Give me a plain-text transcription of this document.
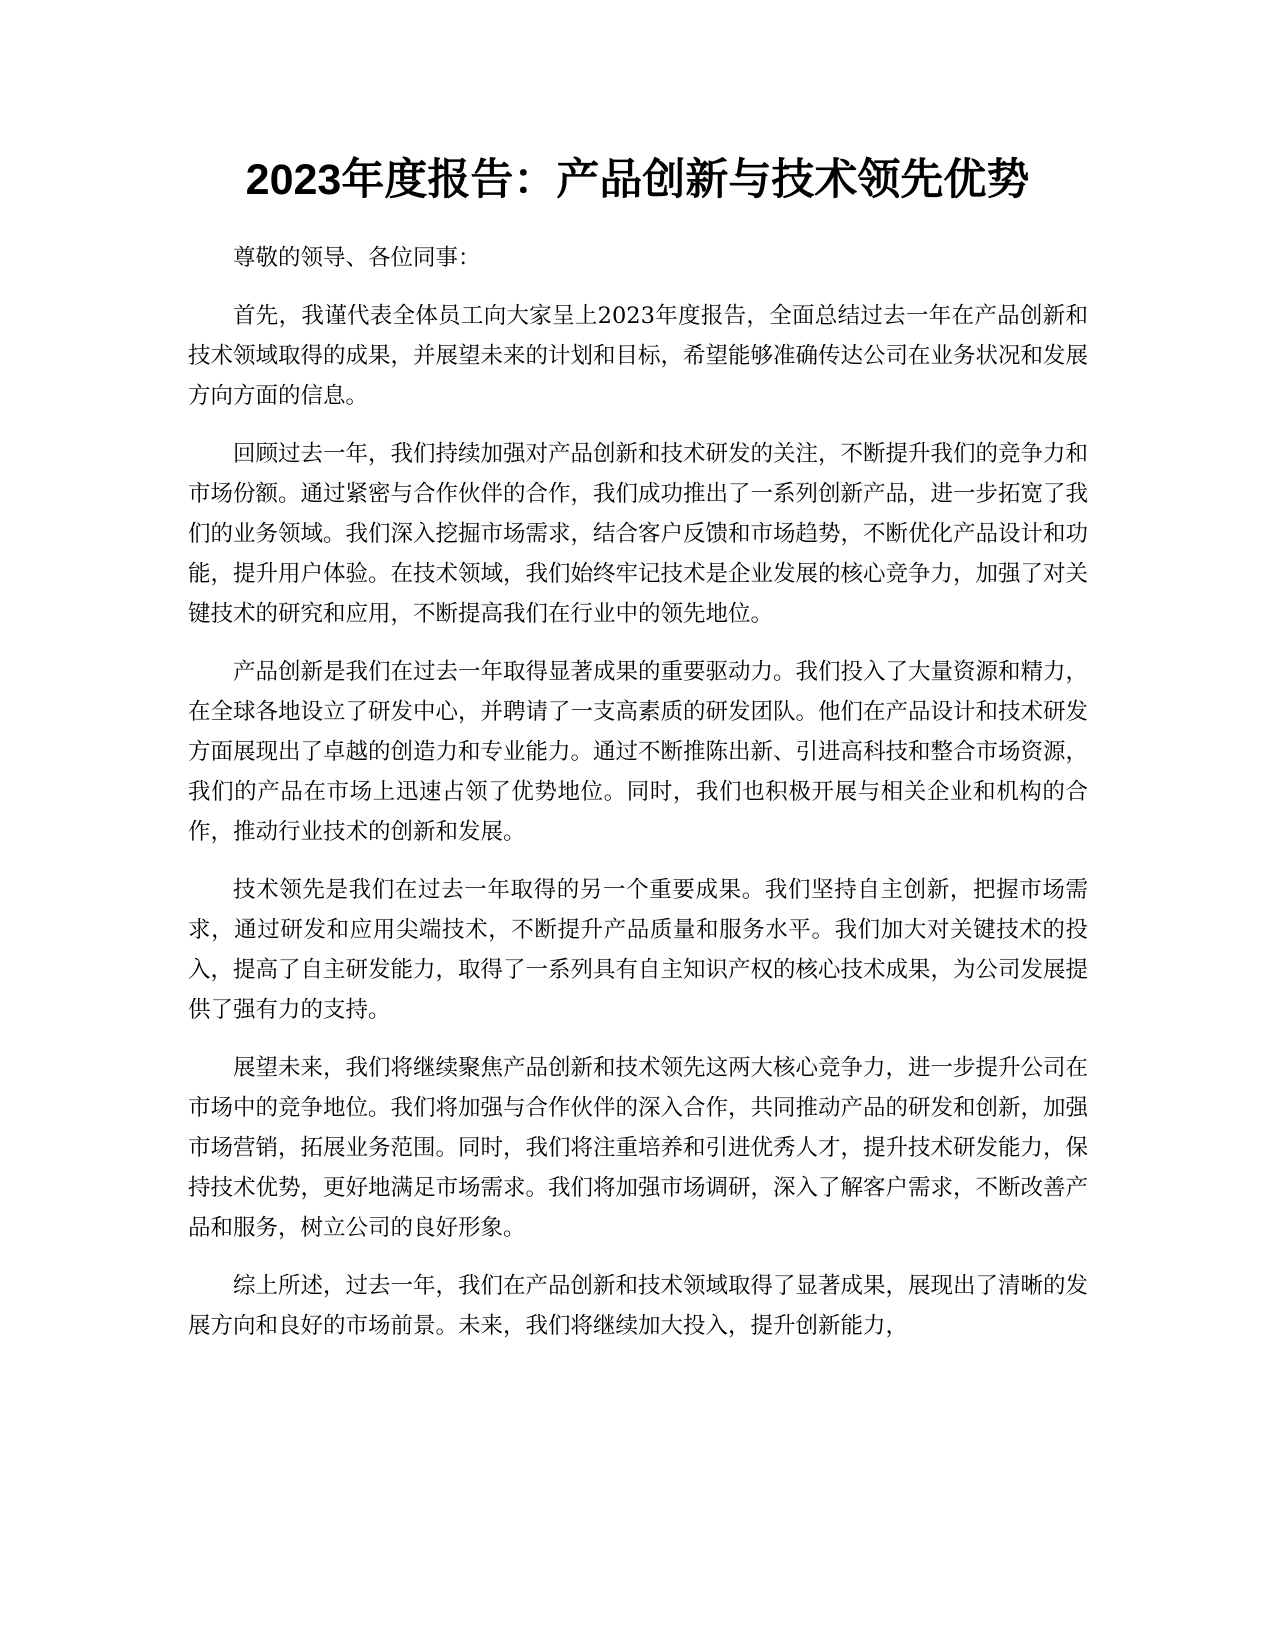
2023年度报告：产品创新与技术领先优势

尊敬的领导、各位同事：

首先，我谨代表全体员工向大家呈上2023年度报告，全面总结过去一年在产品创新和技术领域取得的成果，并展望未来的计划和目标，希望能够准确传达公司在业务状况和发展方向方面的信息。

回顾过去一年，我们持续加强对产品创新和技术研发的关注，不断提升我们的竞争力和市场份额。通过紧密与合作伙伴的合作，我们成功推出了一系列创新产品，进一步拓宽了我们的业务领域。我们深入挖掘市场需求，结合客户反馈和市场趋势，不断优化产品设计和功能，提升用户体验。在技术领域，我们始终牢记技术是企业发展的核心竞争力，加强了对关键技术的研究和应用，不断提高我们在行业中的领先地位。

产品创新是我们在过去一年取得显著成果的重要驱动力。我们投入了大量资源和精力，在全球各地设立了研发中心，并聘请了一支高素质的研发团队。他们在产品设计和技术研发方面展现出了卓越的创造力和专业能力。通过不断推陈出新、引进高科技和整合市场资源，我们的产品在市场上迅速占领了优势地位。同时，我们也积极开展与相关企业和机构的合作，推动行业技术的创新和发展。

技术领先是我们在过去一年取得的另一个重要成果。我们坚持自主创新，把握市场需求，通过研发和应用尖端技术，不断提升产品质量和服务水平。我们加大对关键技术的投入，提高了自主研发能力，取得了一系列具有自主知识产权的核心技术成果，为公司发展提供了强有力的支持。

展望未来，我们将继续聚焦产品创新和技术领先这两大核心竞争力，进一步提升公司在市场中的竞争地位。我们将加强与合作伙伴的深入合作，共同推动产品的研发和创新，加强市场营销，拓展业务范围。同时，我们将注重培养和引进优秀人才，提升技术研发能力，保持技术优势，更好地满足市场需求。我们将加强市场调研，深入了解客户需求，不断改善产品和服务，树立公司的良好形象。

综上所述，过去一年，我们在产品创新和技术领域取得了显著成果，展现出了清晰的发展方向和良好的市场前景。未来，我们将继续加大投入，提升创新能力，
